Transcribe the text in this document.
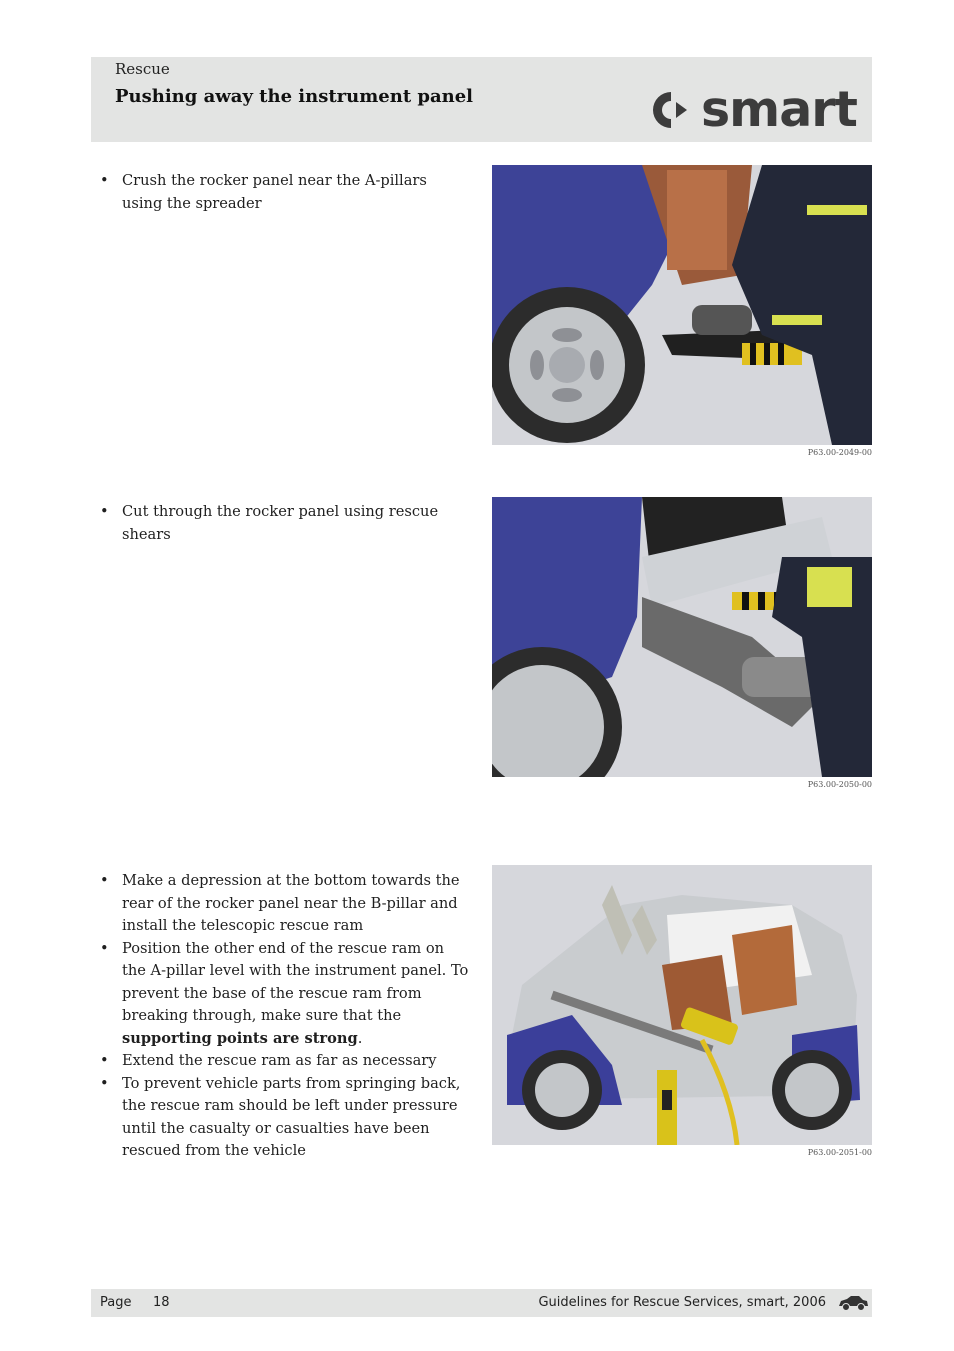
Rescue
Pushing away the instrument panel	smart
• Crush the rocker panel near the A-pillars using the spreader
P63.00-2049-00
• Cut through the rocker panel using rescue shears
P63.00-2050-00
• Make a depression at the bottom towards the rear of the rocker panel near the B-pillar and install the telescopic rescue ram
• Position the other end of the rescue ram on the A-pillar level with the instrument panel. To prevent the base of the rescue ram from breaking through, make sure that the supporting points are strong.
• Extend the rescue ram as far as necessary
• To prevent vehicle parts from springing back, the rescue ram should be left under pressure until the casualty or casualties have been rescued from the vehicle	P63.00-2051-00
Page 18	Guidelines for Rescue Services, smart, 2006
